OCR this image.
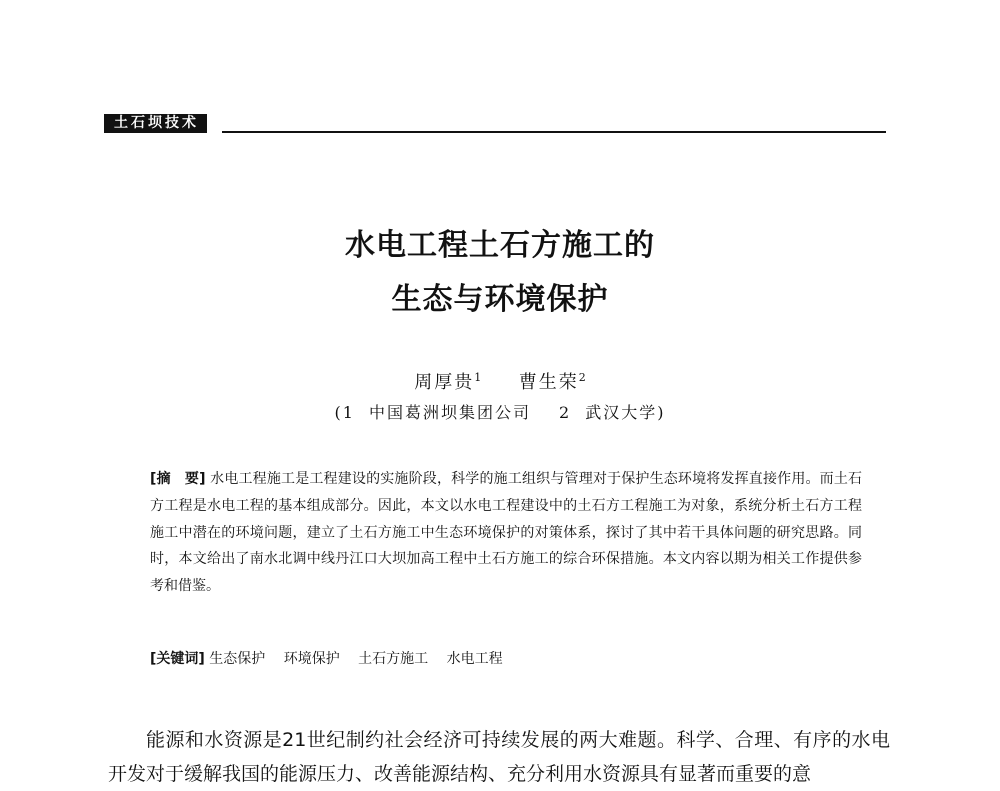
土石坝技术
水电工程土石方施工的
生态与环境保护
周厚贵$^1$ 曹生荣$^2$
(1 中国葛洲坝集团公司 2 武汉大学)
[摘　要] 水电工程施工是工程建设的实施阶段，科学的施工组织与管理对于保护生态环境将发挥直接作用。而土石方工程是水电工程的基本组成部分。因此，本文以水电工程建设中的土石方工程施工为对象，系统分析土石方工程施工中潜在的环境问题，建立了土石方施工中生态环境保护的对策体系，探讨了其中若干具体问题的研究思路。同时，本文给出了南水北调中线丹江口大坝加高工程中土石方施工的综合环保措施。本文内容以期为相关工作提供参考和借鉴。
[关键词] 生态保护 环境保护 土石方施工 水电工程

能源和水资源是21世纪制约社会经济可持续发展的两大难题。科学、合理、有序的水电开发对于缓解我国的能源压力、改善能源结构、充分利用水资源具有显著而重要的意
